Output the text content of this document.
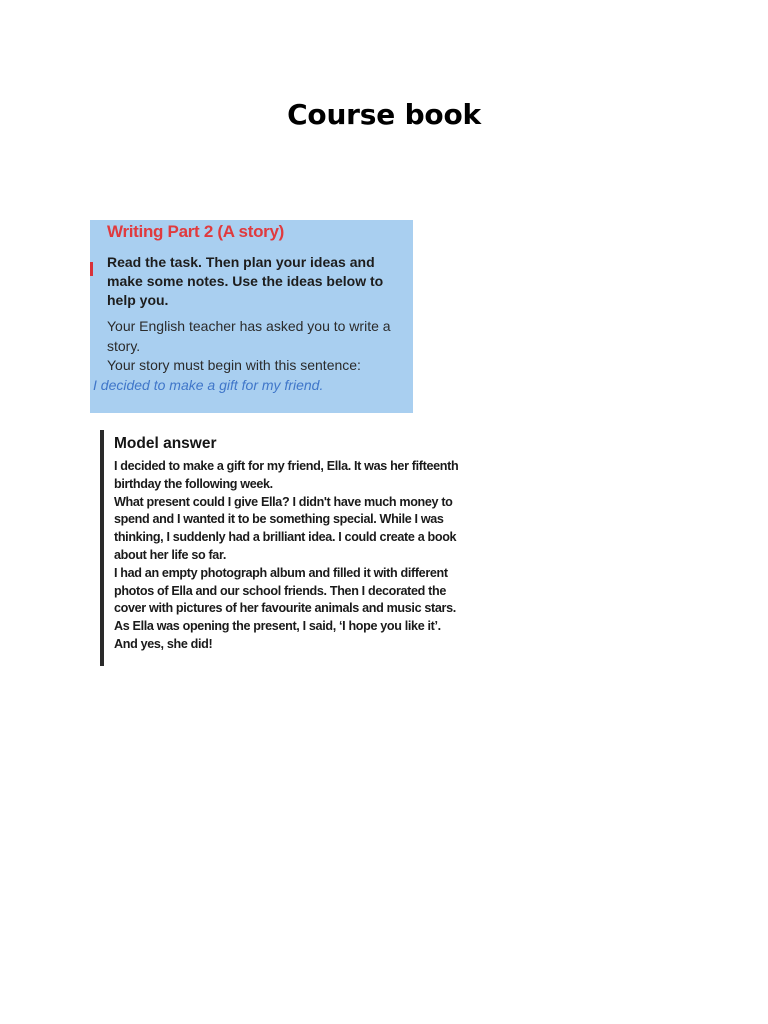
Course book
Writing Part 2 (A story)

Read the task. Then plan your ideas and make some notes. Use the ideas below to help you.

Your English teacher has asked you to write a story.

Your story must begin with this sentence:

I decided to make a gift for my friend.

Model answer

I decided to make a gift for my friend, Ella. It was her fifteenth
birthday the following week.
What present could I give Ella? I didn't have much money to
spend and I wanted it to be something special. While I was
thinking, I suddenly had a brilliant idea. I could create a book
about her life so far.
I had an empty photograph album and filled it with different
photos of Ella and our school friends. Then I decorated the
cover with pictures of her favourite animals and music stars.
As Ella was opening the present, I said, ‘I hope you like it’.
And yes, she did!
